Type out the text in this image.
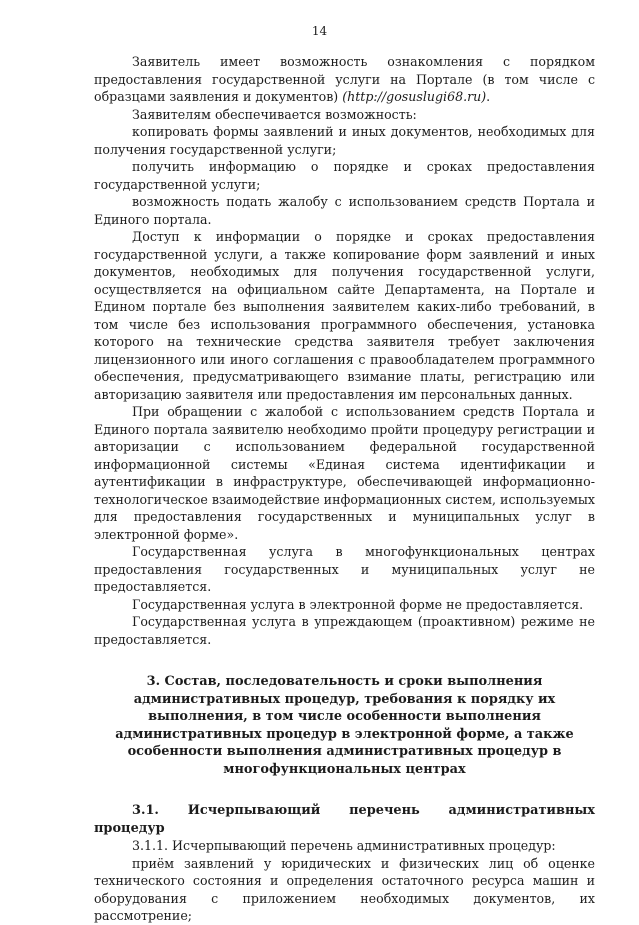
14

Заявитель имеет возможность ознакомления с порядком предоставления государственной услуги на Портале (в том числе с образцами заявления и документов) (http://gosuslugi68.ru).

Заявителям обеспечивается возможность:

копировать формы заявлений и иных документов, необходимых для получения государственной услуги;

получить информацию о порядке и сроках предоставления государственной услуги;

возможность подать жалобу с использованием средств Портала и Единого портала.

Доступ к информации о порядке и сроках предоставления государственной услуги, а также копирование форм заявлений и иных документов, необходимых для получения государственной услуги, осуществляется на официальном сайте Департамента, на Портале и Едином портале без выполнения заявителем каких-либо требований, в том числе без использования программного обеспечения, установка которого на технические средства заявителя требует заключения лицензионного или иного соглашения с правообладателем программного обеспечения, предусматривающего взимание платы, регистрацию или авторизацию заявителя или предоставления им персональных данных.

При обращении с жалобой с использованием средств Портала и Единого портала заявителю необходимо пройти процедуру регистрации и авторизации с использованием федеральной государственной информационной системы «Единая система идентификации и аутентификации в инфраструктуре, обеспечивающей информационно-технологическое взаимодействие информационных систем, используемых для предоставления государственных и муниципальных услуг в электронной форме».

Государственная услуга в многофункциональных центрах предоставления государственных и муниципальных услуг не предоставляется.

Государственная услуга в электронной форме не предоставляется.

Государственная услуга в упреждающем (проактивном) режиме не предоставляется.

3. Состав, последовательность и сроки выполнения административных процедур, требования к порядку их выполнения, в том числе особенности выполнения административных процедур в электронной форме, а также особенности выполнения административных процедур в многофункциональных центрах

3.1. Исчерпывающий перечень административных процедур

3.1.1. Исчерпывающий перечень административных процедур:

приём заявлений у юридических и физических лиц об оценке технического состояния и определения остаточного ресурса машин и оборудования с приложением необходимых документов, их рассмотрение;
